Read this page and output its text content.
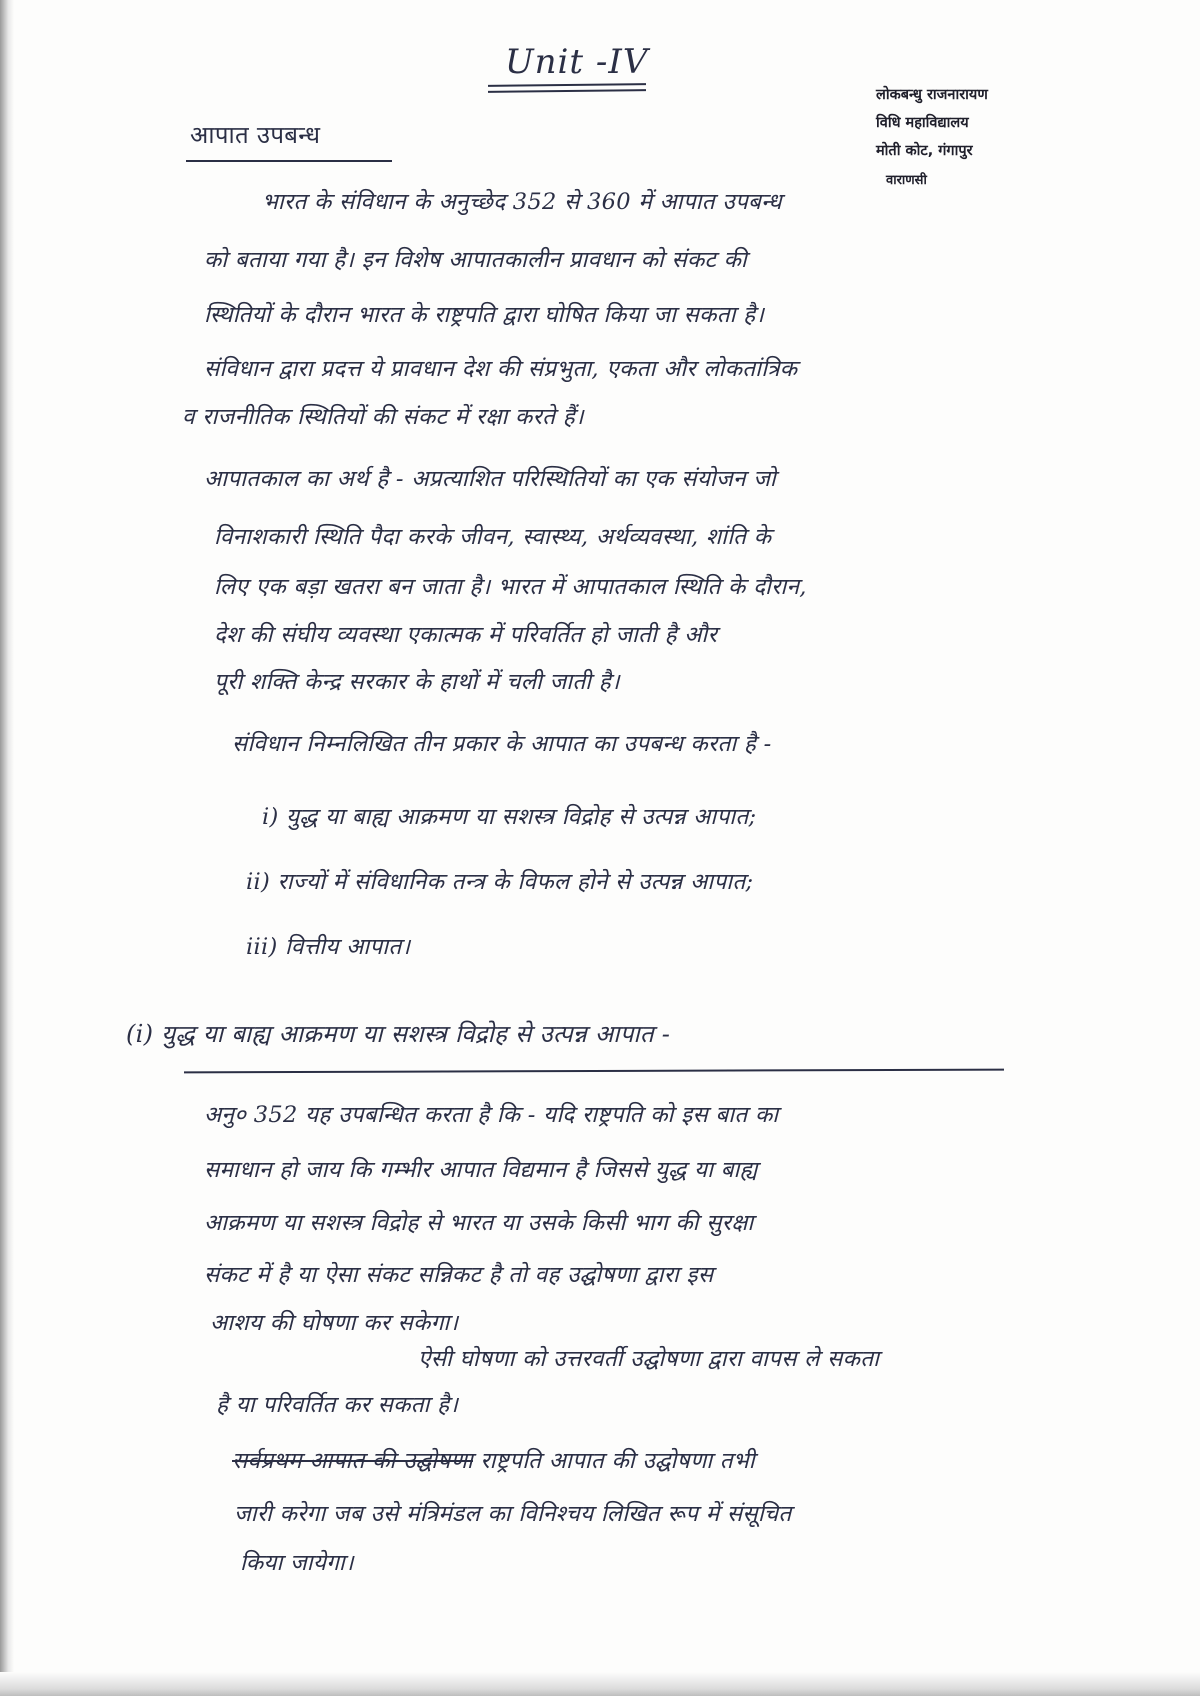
Unit -IV
आपात उपबन्ध
लोकबन्धु राजनारायण
विधि महाविद्यालय
मोती कोट, गंगापुर
वाराणसी
भारत के संविधान के अनुच्छेद 352 से 360 में आपात उपबन्ध
को बताया गया है। इन विशेष आपातकालीन प्रावधान को संकट की
स्थितियों के दौरान भारत के राष्ट्रपति द्वारा घोषित किया जा सकता है।
संविधान द्वारा प्रदत्त ये प्रावधान देश की संप्रभुता, एकता और लोकतांत्रिक
व राजनीतिक स्थितियों की संकट में रक्षा करते हैं।
आपातकाल का अर्थ है - अप्रत्याशित परिस्थितियों का एक संयोजन जो
विनाशकारी स्थिति पैदा करके जीवन, स्वास्थ्य, अर्थव्यवस्था, शांति के
लिए एक बड़ा खतरा बन जाता है। भारत में आपातकाल स्थिति के दौरान,
देश की संघीय व्यवस्था एकात्मक में परिवर्तित हो जाती है और
पूरी शक्ति केन्द्र सरकार के हाथों में चली जाती है।
संविधान निम्नलिखित तीन प्रकार के आपात का उपबन्ध करता है -
i) युद्ध या बाह्य आक्रमण या सशस्त्र विद्रोह से उत्पन्न आपात;
ii) राज्यों में संविधानिक तन्त्र के विफल होने से उत्पन्न आपात;
iii) वित्तीय आपात।
(i) युद्ध या बाह्य आक्रमण या सशस्त्र विद्रोह से उत्पन्न आपात -
अनु० 352 यह उपबन्धित करता है कि - यदि राष्ट्रपति को इस बात का
समाधान हो जाय कि गम्भीर आपात विद्यमान है जिससे युद्ध या बाह्य
आक्रमण या सशस्त्र विद्रोह से भारत या उसके किसी भाग की सुरक्षा
संकट में है या ऐसा संकट सन्निकट है तो वह उद्घोषणा द्वारा इस
आशय की घोषणा कर सकेगा।
ऐसी घोषणा को उत्तरवर्ती उद्घोषणा द्वारा वापस ले सकता
है या परिवर्तित कर सकता है।
सर्वप्रथम आपात की उद्घोषणा राष्ट्रपति आपात की उद्घोषणा तभी
जारी करेगा जब उसे मंत्रिमंडल का विनिश्चय लिखित रूप में संसूचित
किया जायेगा।
